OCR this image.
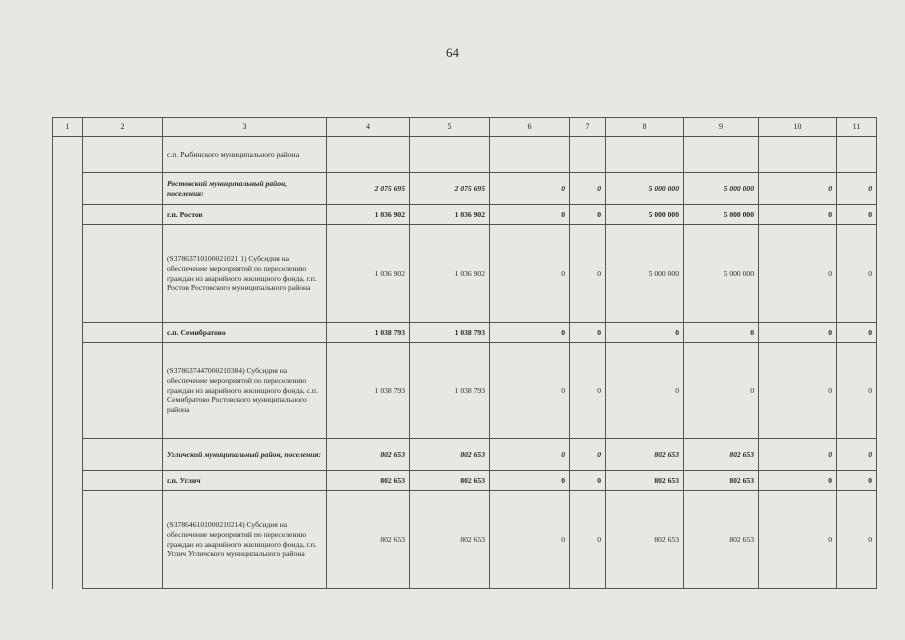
64
1	2	3	4	5	6	7	8	9	10	11
		с.п. Рыбинского муниципального района								
		Ростовский муниципальный район, поселения:	2 075 695	2 075 695	0	0	5 000 000	5 000 000	0	0
		г.п. Ростов	1 036 902	1 036 902	0	0	5 000 000	5 000 000	0	0
		(S37863710100021021 1) Субсидия на обеспечение мероприятий по переселению граждан из аварийного жилищного фонда, г.п. Ростов Ростовского муниципального района	1 036 902	1 036 902	0	0	5 000 000	5 000 000	0	0
		с.п. Семибратово	1 038 793	1 038 793	0	0	0	0	0	0
		(S378637447000210384) Субсидия на обеспечение мероприятий по переселению граждан из аварийного жилищного фонда, с.п. Семибратово Ростовского муниципального района	1 038 793	1 038 793	0	0	0	0	0	0
		Угличский муниципальный район, поселения:	802 653	802 653	0	0	802 653	802 653	0	0
		г.п. Углич	802 653	802 653	0	0	802 653	802 653	0	0
		(S378646101000210214) Субсидия на обеспечение мероприятий по переселению граждан из аварийного жилищного фонда, г.п. Углич Угличского муниципального района	802 653	802 653	0	0	802 653	802 653	0	0
